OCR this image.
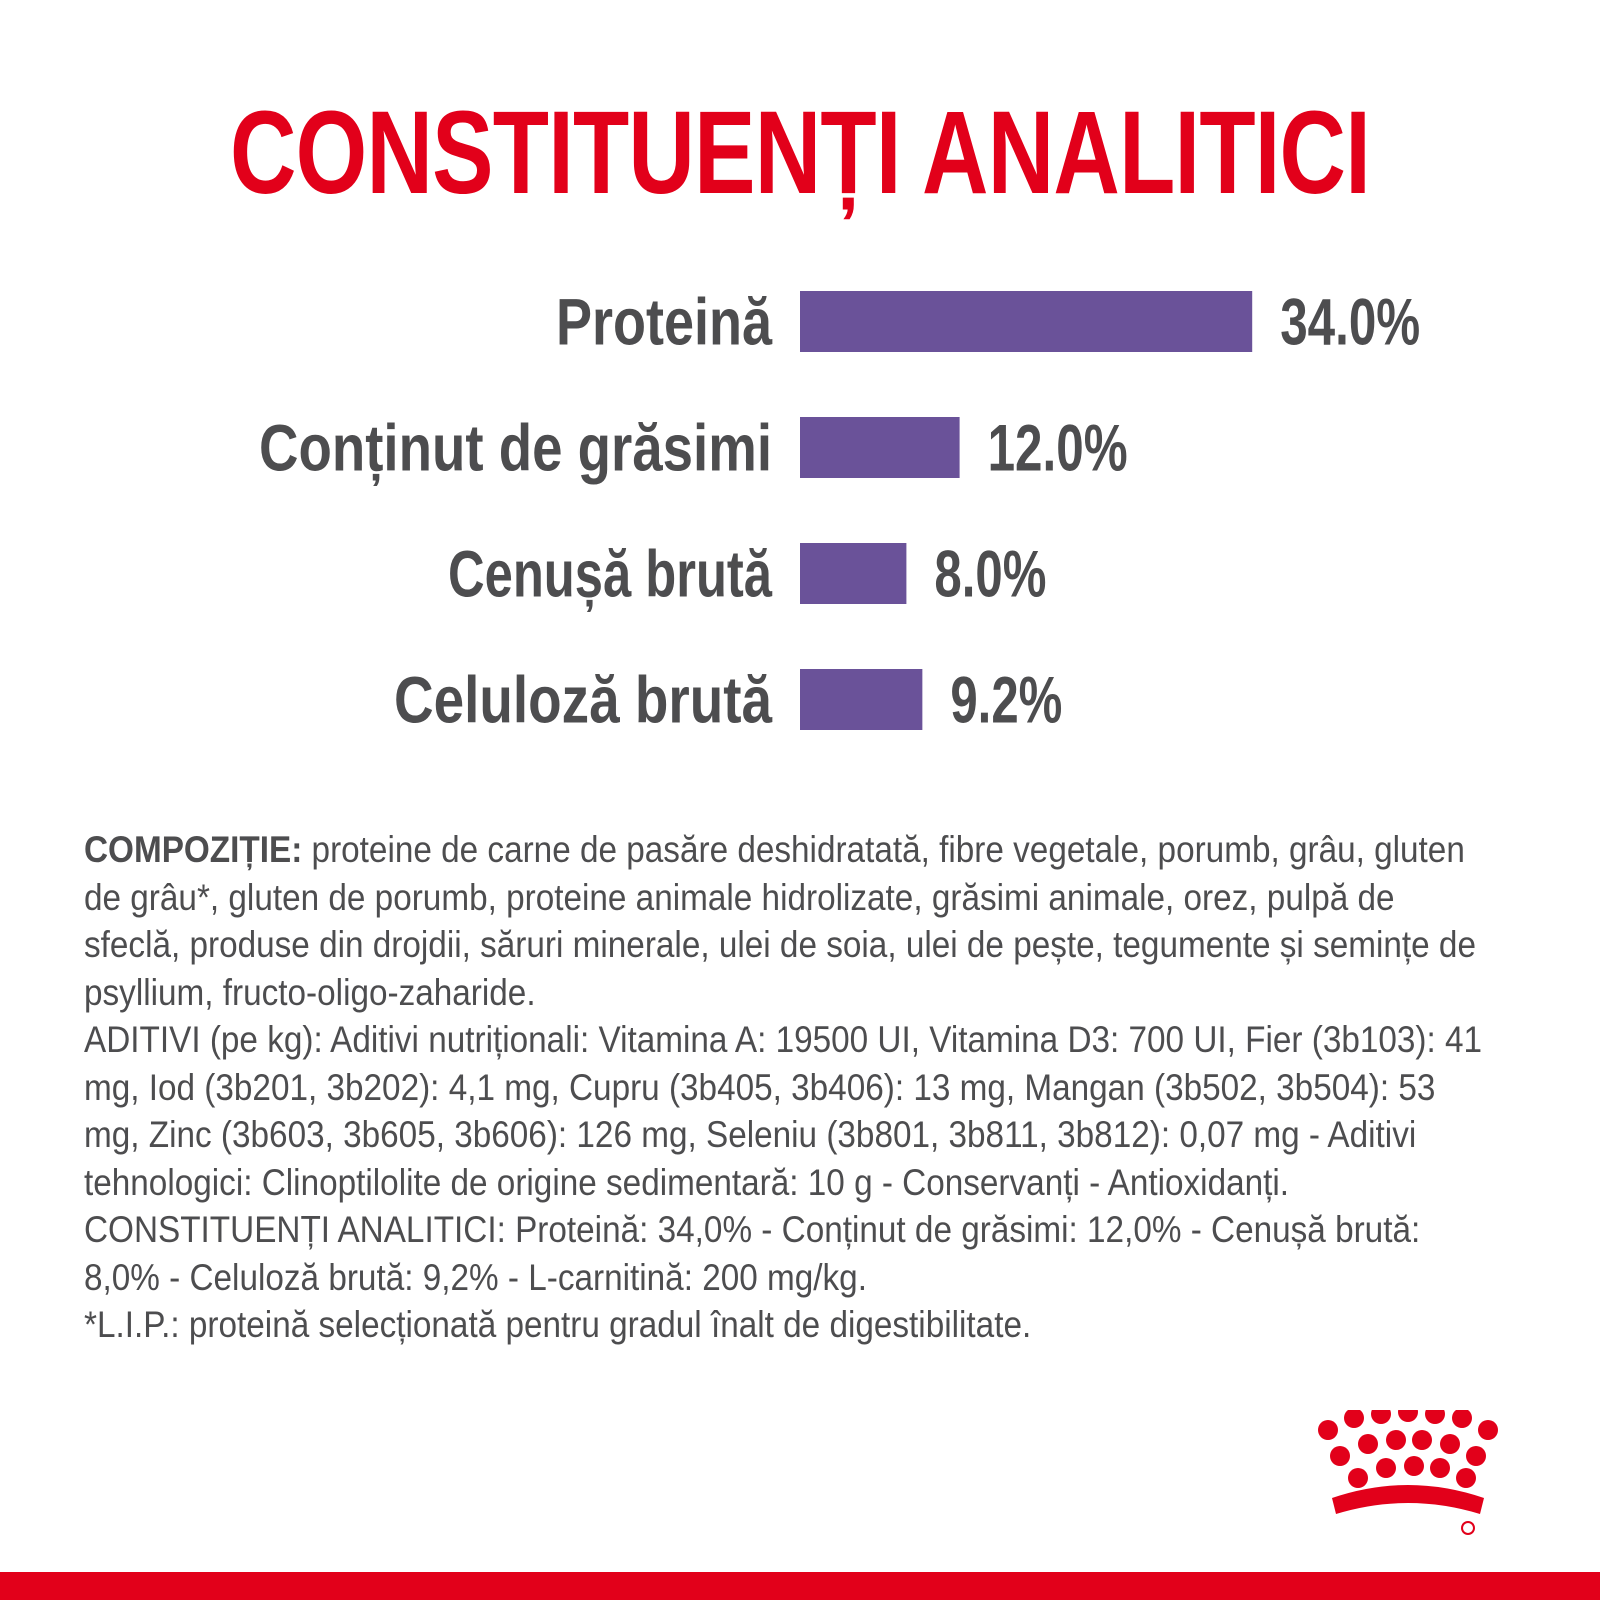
CONSTITUENȚI ANALITICI
Proteină	34.0%
Conținut de grăsimi 12.0%
Cenușă brută 8.0%
Celuloză brută	9.2%

COMPOZIȚIE: proteine de carne de pasăre deshidratată, fibre vegetale, porumb, grâu, gluten de grâu*, gluten de porumb, proteine animale hidrolizate, grăsimi animale, orez, pulpă de sfeclă, produse din drojdii, săruri minerale, ulei de soia, ulei de pește, tegumente și semințe de psyllium, fructo-oligo-zaharide.

ADITIVI (pe kg): Aditivi nutriționali: Vitamina A: 19500 UI, Vitamina D3: 700 UI, Fier (3b103): 41 mg, Iod (3b201, 3b202): 4,1 mg, Cupru (3b405, 3b406): 13 mg, Mangan (3b502, 3b504): 53 mg, Zinc (3b603, 3b605, 3b606): 126 mg, Seleniu (3b801, 3b811, 3b812): 0,07 mg - Aditivi tehnologici: Clinoptilolite de origine sedimentară: 10 g - Conservanți - Antioxidanți.

CONSTITUENȚI ANALITICI: Proteină: 34,0% - Conținut de grăsimi: 12,0% - Cenușă brută: 8,0% - Celuloză brută: 9,2% - L-carnitină: 200 mg/kg.

*L.I.P.: proteină selecționată pentru gradul înalt de digestibilitate.
